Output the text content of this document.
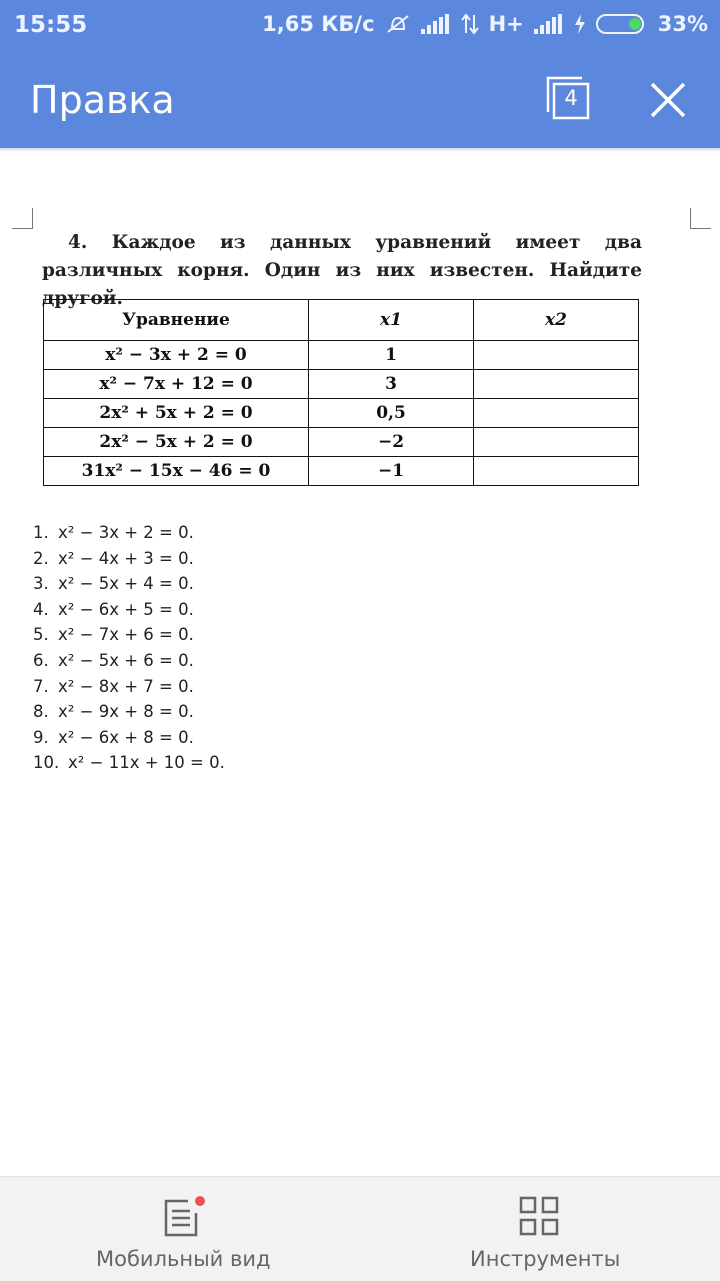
15:55	1,65 КБ/с	H+	33%
Правка	4
4. Каждое из данных уравнений имеет два различных корня. Один из них известен. Найдите другой.
Уравнение	x1	x2
x² − 3x + 2 = 0	1	
x² − 7x + 12 = 0	3	
2x² + 5x + 2 = 0	0,5	
2x² − 5x + 2 = 0	−2	
31x² − 15x − 46 = 0	−1	
1. x² − 3x + 2 = 0.
2. x² − 4x + 3 = 0.
3. x² − 5x + 4 = 0.
4. x² − 6x + 5 = 0.
5. x² − 7x + 6 = 0.
6. x² − 5x + 6 = 0.
7. x² − 8x + 7 = 0.
8. x² − 9x + 8 = 0.
9. x² − 6x + 8 = 0.
10. x² − 11x + 10 = 0.
Мобильный вид	Инструменты
